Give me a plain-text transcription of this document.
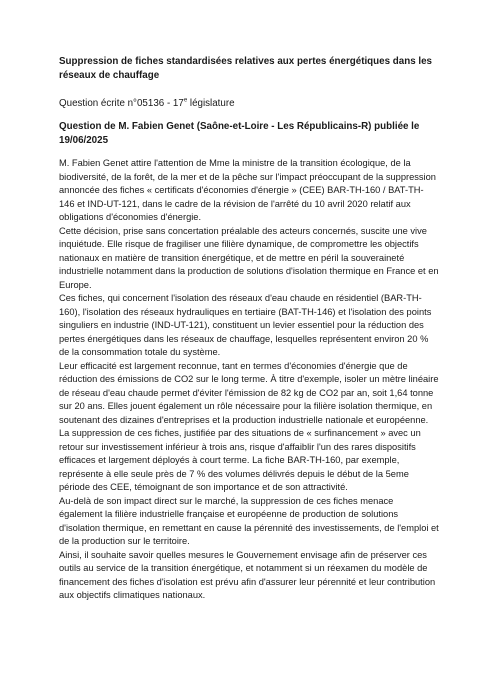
Suppression de fiches standardisées relatives aux pertes énergétiques dans les réseaux de chauffage
Question écrite n°05136 - 17e législature
Question de M. Fabien Genet (Saône-et-Loire - Les Républicains-R) publiée le 19/06/2025

M. Fabien Genet attire l'attention de Mme la ministre de la transition écologique, de la biodiversité, de la forêt, de la mer et de la pêche sur l'impact préoccupant de la suppression annoncée des fiches « certificats d'économies d'énergie » (CEE) BAR-TH-160 / BAT-TH-146 et IND-UT-121, dans le cadre de la révision de l'arrêté du 10 avril 2020 relatif aux obligations d'économies d'énergie.

Cette décision, prise sans concertation préalable des acteurs concernés, suscite une vive inquiétude. Elle risque de fragiliser une filière dynamique, de compromettre les objectifs nationaux en matière de transition énergétique, et de mettre en péril la souveraineté industrielle notamment dans la production de solutions d'isolation thermique en France et en Europe.

Ces fiches, qui concernent l'isolation des réseaux d'eau chaude en résidentiel (BAR-TH-160), l'isolation des réseaux hydrauliques en tertiaire (BAT-TH-146) et l'isolation des points singuliers en industrie (IND-UT-121), constituent un levier essentiel pour la réduction des pertes énergétiques dans les réseaux de chauffage, lesquelles représentent environ 20 % de la consommation totale du système.

Leur efficacité est largement reconnue, tant en termes d'économies d'énergie que de réduction des émissions de CO2 sur le long terme. À titre d'exemple, isoler un mètre linéaire de réseau d'eau chaude permet d'éviter l'émission de 82 kg de CO2 par an, soit 1,64 tonne sur 20 ans. Elles jouent également un rôle nécessaire pour la filière isolation thermique, en soutenant des dizaines d'entreprises et la production industrielle nationale et européenne.

La suppression de ces fiches, justifiée par des situations de « surfinancement » avec un retour sur investissement inférieur à trois ans, risque d'affaiblir l'un des rares dispositifs efficaces et largement déployés à court terme. La fiche BAR-TH-160, par exemple, représente à elle seule près de 7 % des volumes délivrés depuis le début de la 5eme période des CEE, témoignant de son importance et de son attractivité.

Au-delà de son impact direct sur le marché, la suppression de ces fiches menace également la filière industrielle française et européenne de production de solutions d'isolation thermique, en remettant en cause la pérennité des investissements, de l'emploi et de la production sur le territoire.

Ainsi, il souhaite savoir quelles mesures le Gouvernement envisage afin de préserver ces outils au service de la transition énergétique, et notamment si un réexamen du modèle de financement des fiches d'isolation est prévu afin d'assurer leur pérennité et leur contribution aux objectifs climatiques nationaux.
